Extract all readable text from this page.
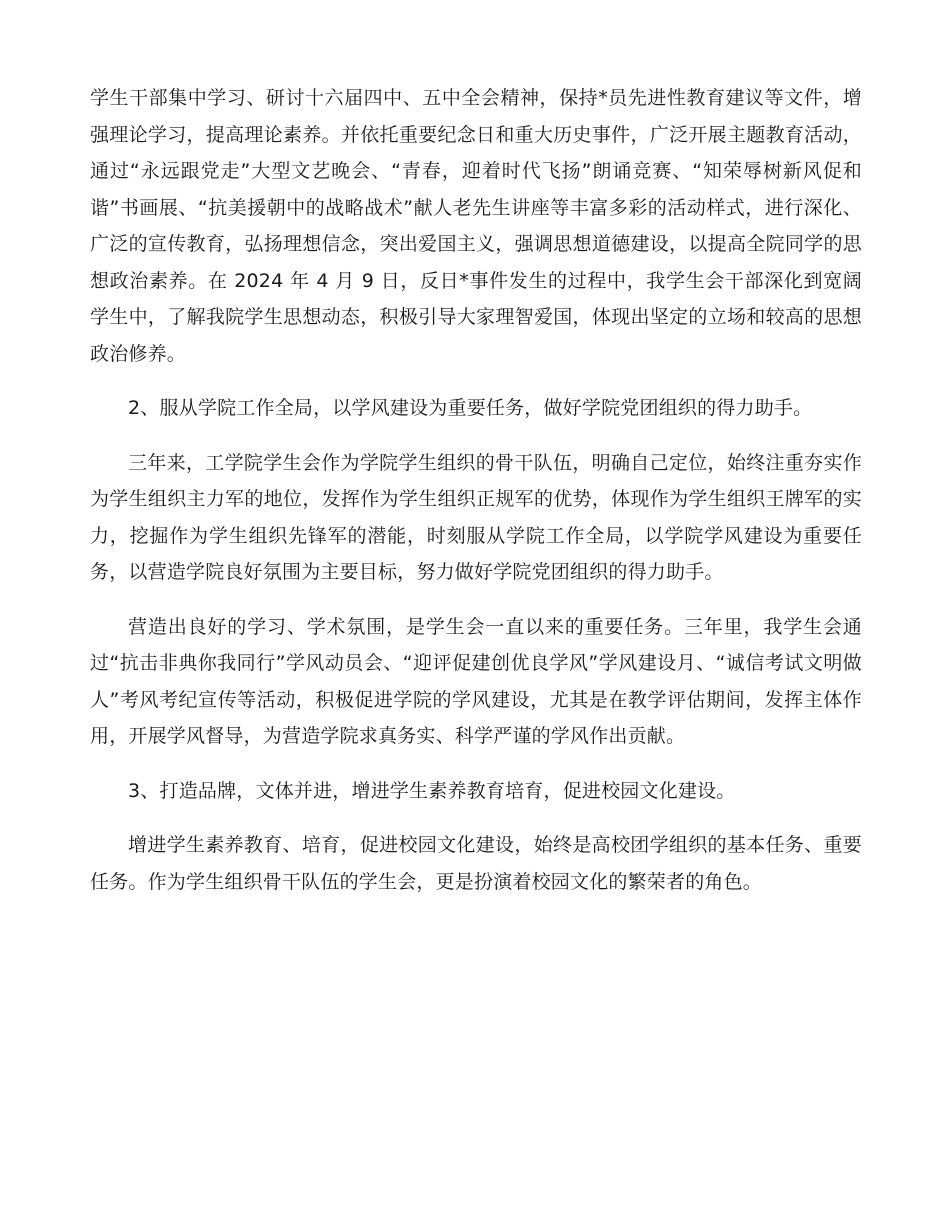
学生干部集中学习、研讨十六届四中、五中全会精神，保持*员先进性教育建议等文件，增强理论学习，提高理论素养。并依托重要纪念日和重大历史事件，广泛开展主题教育活动，通过“永远跟党走”大型文艺晚会、“青春，迎着时代飞扬”朗诵竞赛、“知荣辱树新风促和谐”书画展、“抗美援朝中的战略战术”献人老先生讲座等丰富多彩的活动样式，进行深化、广泛的宣传教育，弘扬理想信念，突出爱国主义，强调思想道德建设，以提高全院同学的思想政治素养。在 2024 年 4 月 9 日，反日*事件发生的过程中，我学生会干部深化到宽阔学生中，了解我院学生思想动态，积极引导大家理智爱国，体现出坚定的立场和较高的思想政治修养。

2、服从学院工作全局，以学风建设为重要任务，做好学院党团组织的得力助手。

三年来，工学院学生会作为学院学生组织的骨干队伍，明确自己定位，始终注重夯实作为学生组织主力军的地位，发挥作为学生组织正规军的优势，体现作为学生组织王牌军的实力，挖掘作为学生组织先锋军的潜能，时刻服从学院工作全局，以学院学风建设为重要任务，以营造学院良好氛围为主要目标，努力做好学院党团组织的得力助手。

营造出良好的学习、学术氛围，是学生会一直以来的重要任务。三年里，我学生会通过“抗击非典你我同行”学风动员会、“迎评促建创优良学风”学风建设月、“诚信考试文明做人”考风考纪宣传等活动，积极促进学院的学风建设，尤其是在教学评估期间，发挥主体作用，开展学风督导，为营造学院求真务实、科学严谨的学风作出贡献。

3、打造品牌，文体并进，增进学生素养教育培育，促进校园文化建设。

增进学生素养教育、培育，促进校园文化建设，始终是高校团学组织的基本任务、重要任务。作为学生组织骨干队伍的学生会，更是扮演着校园文化的繁荣者的角色。
